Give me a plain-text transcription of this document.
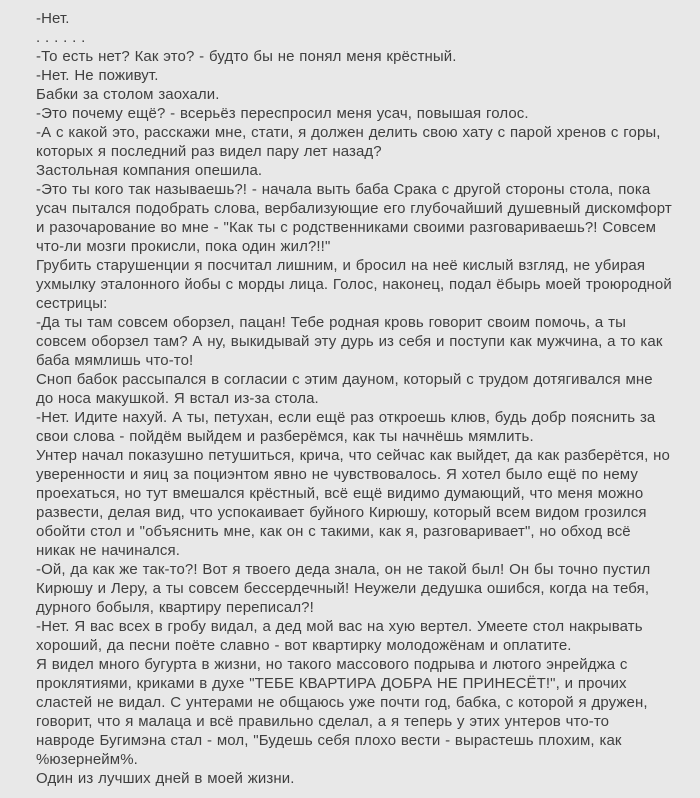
-Нет.

. . . . . .

-То есть нет? Как это? - будто бы не понял меня крёстный.

-Нет. Не поживут.

Бабки за столом заохали.

-Это почему ещё? - всерьёз переспросил меня усач, повышая голос.

-А с какой это, расскажи мне, стати, я должен делить свою хату с парой хренов с горы, которых я последний раз видел пару лет назад?

Застольная компания опешила.

-Это ты кого так называешь?! - начала выть баба Срака с другой стороны стола, пока усач пытался подобрать слова, вербализующие его глубочайший душевный дискомфорт и разочарование во мне - "Как ты с родственниками своими разговариваешь?! Совсем что-ли мозги прокисли, пока один жил?!!"

Грубить старушенции я посчитал лишним, и бросил на неё кислый взгляд, не убирая ухмылку эталонного йобы с морды лица. Голос, наконец, подал ёбырь моей троюродной сестрицы:

-Да ты там совсем оборзел, пацан! Тебе родная кровь говорит своим помочь, а ты совсем оборзел там? А ну, выкидывай эту дурь из себя и поступи как мужчина, а то как баба мямлишь что-то!

Сноп бабок рассыпался в согласии с этим дауном, который с трудом дотягивался мне до носа макушкой. Я встал из-за стола.

-Нет. Идите нахуй. А ты, петухан, если ещё раз откроешь клюв, будь добр пояснить за свои слова - пойдём выйдем и разберёмся, как ты начнёшь мямлить.

Унтер начал показушно петушиться, крича, что сейчас как выйдет, да как разберётся, но уверенности и яиц за поциэнтом явно не чувствовалось. Я хотел было ещё по нему проехаться, но тут вмешался крёстный, всё ещё видимо думающий, что меня можно развести, делая вид, что успокаивает буйного Кирюшу, который всем видом грозился обойти стол и "объяснить мне, как он с такими, как я, разговаривает", но обход всё никак не начинался.

-Ой, да как же так-то?! Вот я твоего деда знала, он не такой был! Он бы точно пустил Кирюшу и Леру, а ты совсем бессердечный! Неужели дедушка ошибся, когда на тебя, дурного бобыля, квартиру переписал?!

-Нет. Я вас всех в гробу видал, а дед мой вас на хую вертел. Умеете стол накрывать хороший, да песни поёте славно - вот квартирку молодожёнам и оплатите.

Я видел много бугурта в жизни, но такого массового подрыва и лютого энрейджа с проклятиями, криками в духе "ТЕБЕ КВАРТИРА ДОБРА НЕ ПРИНЕСЁТ!", и прочих сластей не видал. С унтерами не общаюсь уже почти год, бабка, с которой я дружен, говорит, что я малаца и всё правильно сделал, а я теперь у этих унтеров что-то навроде Бугимэна стал - мол, "Будешь себя плохо вести - вырастешь плохим, как %юзернейм%.

Один из лучших дней в моей жизни.
